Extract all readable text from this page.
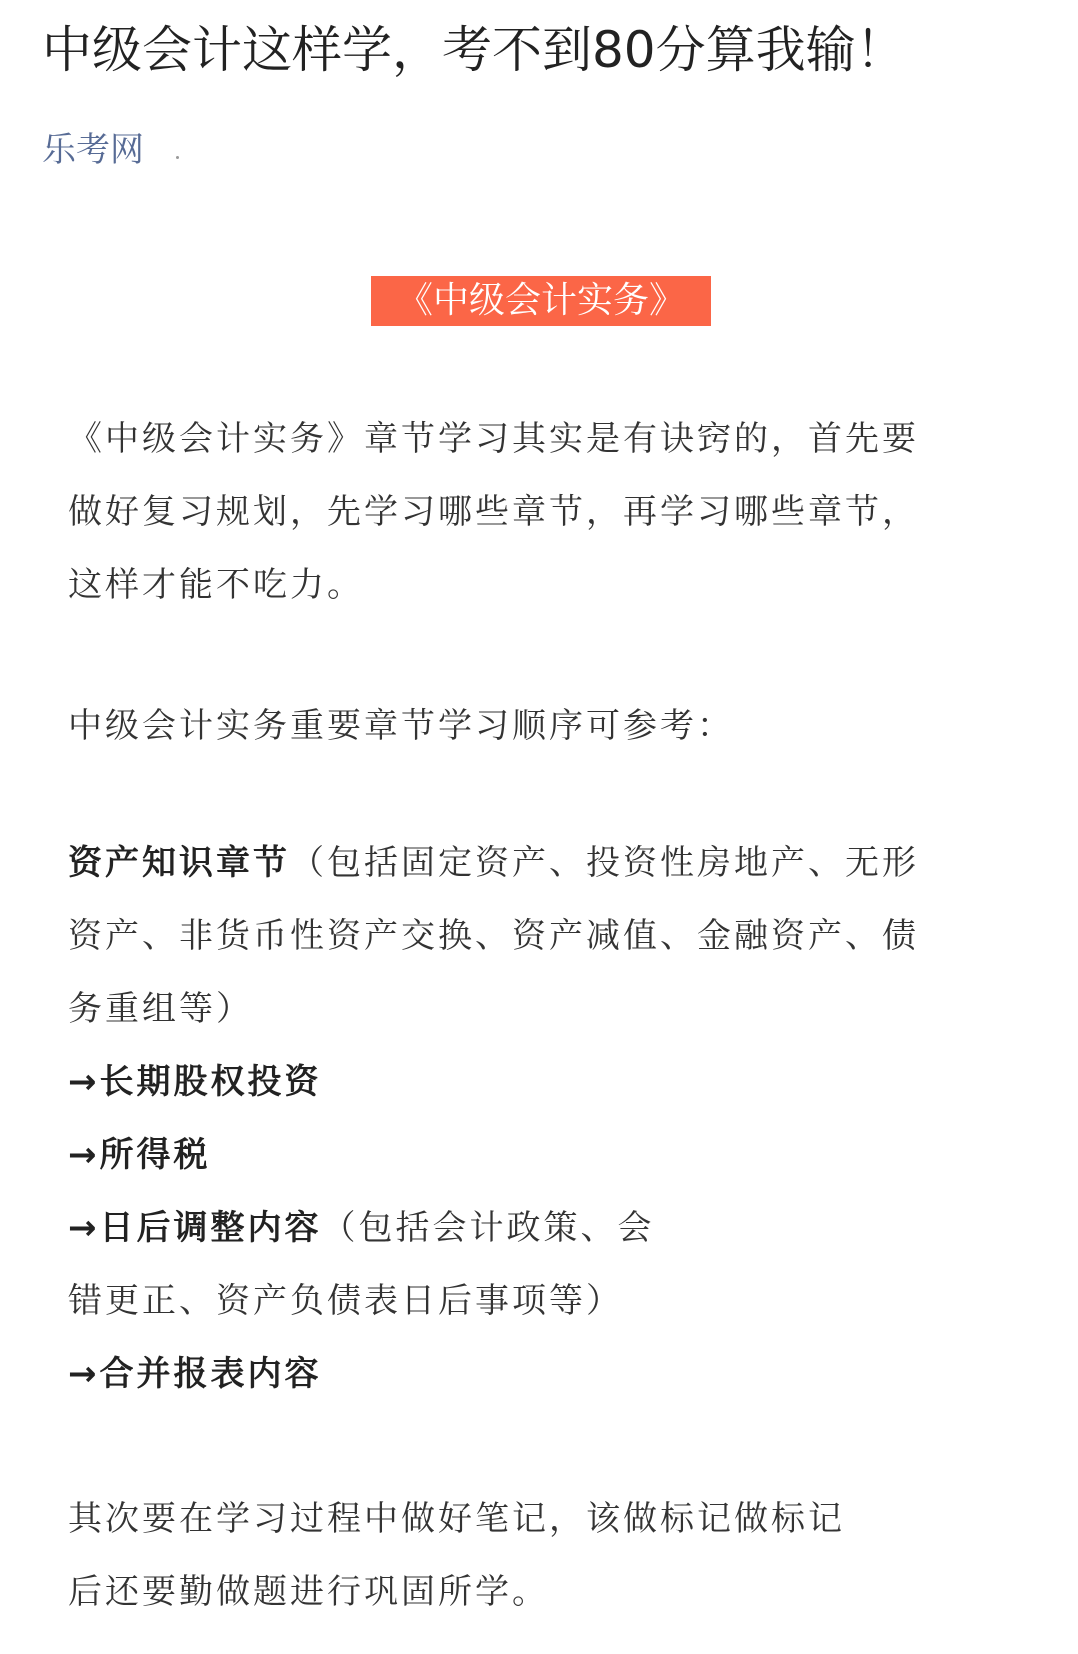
中级会计这样学，考不到80分算我输！
乐考网
《中级会计实务》

《中级会计实务》章节学习其实是有诀窍的，首先要
做好复习规划，先学习哪些章节，再学习哪些章节，
这样才能不吃力。

中级会计实务重要章节学习顺序可参考：

资产知识章节（包括固定资产、投资性房地产、无形
资产、非货币性资产交换、资产减值、金融资产、债
务重组等）
→长期股权投资
→所得税
→日后调整内容（包括会计政策、会
错更正、资产负债表日后事项等）
→合并报表内容

其次要在学习过程中做好笔记，该做标记做标记
后还要勤做题进行巩固所学。
